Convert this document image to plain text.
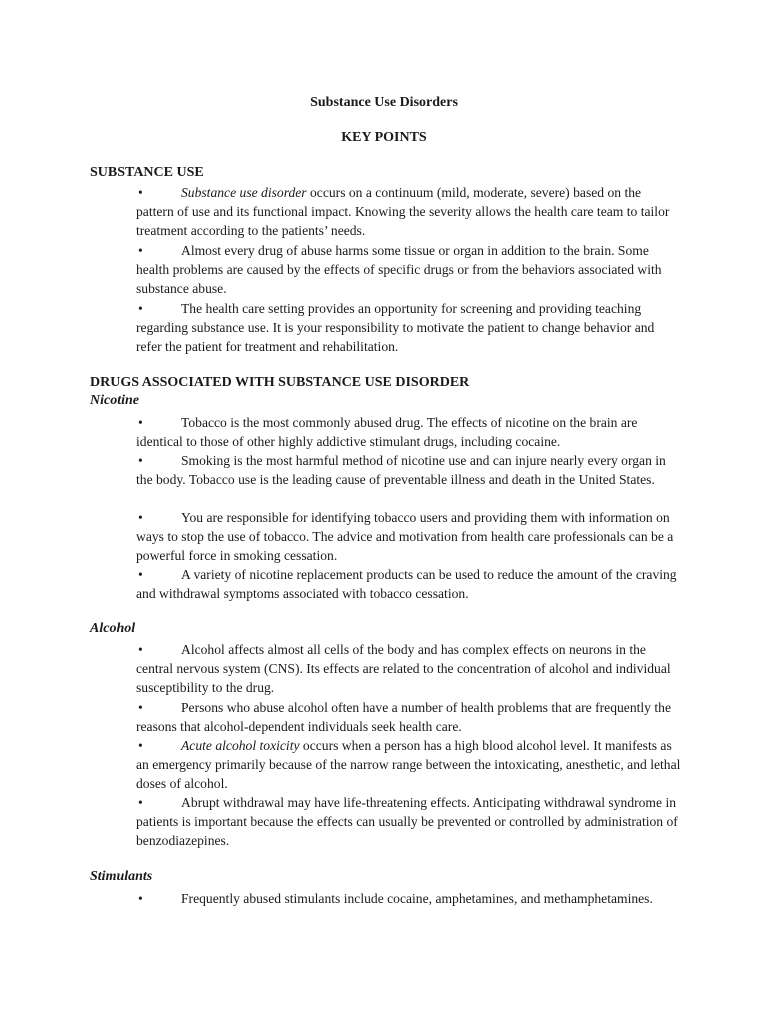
Substance Use Disorders
KEY POINTS
SUBSTANCE USE
•	Substance use disorder occurs on a continuum (mild, moderate, severe) based on the pattern of use and its functional impact. Knowing the severity allows the health care team to tailor treatment according to the patients’ needs.
•	Almost every drug of abuse harms some tissue or organ in addition to the brain. Some health problems are caused by the effects of specific drugs or from the behaviors associated with substance abuse.
•	The health care setting provides an opportunity for screening and providing teaching regarding substance use. It is your responsibility to motivate the patient to change behavior and refer the patient for treatment and rehabilitation.
DRUGS ASSOCIATED WITH SUBSTANCE USE DISORDER
Nicotine
•	Tobacco is the most commonly abused drug. The effects of nicotine on the brain are identical to those of other highly addictive stimulant drugs, including cocaine.
•	Smoking is the most harmful method of nicotine use and can injure nearly every organ in the body. Tobacco use is the leading cause of preventable illness and death in the United States.
•	You are responsible for identifying tobacco users and providing them with information on ways to stop the use of tobacco. The advice and motivation from health care professionals can be a powerful force in smoking cessation.
•	A variety of nicotine replacement products can be used to reduce the amount of the craving and withdrawal symptoms associated with tobacco cessation.
Alcohol
•	Alcohol affects almost all cells of the body and has complex effects on neurons in the central nervous system (CNS). Its effects are related to the concentration of alcohol and individual susceptibility to the drug.
•	Persons who abuse alcohol often have a number of health problems that are frequently the reasons that alcohol-dependent individuals seek health care.
•	Acute alcohol toxicity occurs when a person has a high blood alcohol level. It manifests as an emergency primarily because of the narrow range between the intoxicating, anesthetic, and lethal doses of alcohol.
•	Abrupt withdrawal may have life-threatening effects. Anticipating withdrawal syndrome in patients is important because the effects can usually be prevented or controlled by administration of benzodiazepines.
Stimulants
•	Frequently abused stimulants include cocaine, amphetamines, and methamphetamines.
